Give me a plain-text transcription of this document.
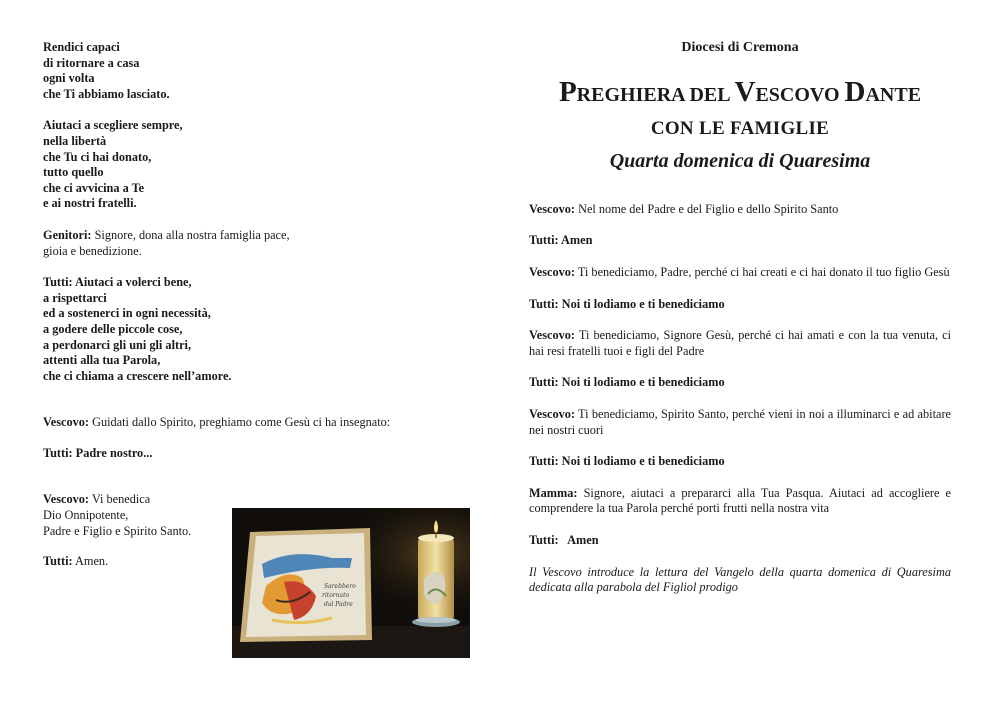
Rendici capaci
di ritornare a casa
ogni volta
che Ti abbiamo lasciato.
Aiutaci a scegliere sempre,
nella libertà
che Tu ci hai donato,
tutto quello
che ci avvicina a Te
e ai nostri fratelli.
Genitori: Signore, dona alla nostra famiglia pace,
gioia e benedizione.
Tutti: Aiutaci a volerci bene,
a rispettarci
ed a sostenerci in ogni necessità,
a godere delle piccole cose,
a perdonarci gli uni gli altri,
attenti alla tua Parola,
che ci chiama a crescere nell’amore.
Vescovo: Guidati dallo Spirito, preghiamo come Gesù ci ha insegnato:
Tutti: Padre nostro...
Vescovo: Vi benedica
Dio Onnipotente,
Padre e Figlio e Spirito Santo.
Tutti: Amen.
Sarebbero
ritornato
dal Padre
Diocesi di Cremona
PREGHIERA DEL VESCOVO DANTE
CON LE FAMIGLIE
Quarta domenica di Quaresima
Vescovo: Nel nome del Padre e del Figlio e dello Spirito Santo
Tutti: Amen
Vescovo: Ti benediciamo, Padre, perché ci hai creati e ci hai donato il tuo figlio Gesù
Tutti: Noi ti lodiamo e ti benediciamo
Vescovo: Ti benediciamo, Signore Gesù, perché ci hai amati e con la tua venuta, ci hai resi fratelli tuoi e figli del Padre
Tutti: Noi ti lodiamo e ti benediciamo
Vescovo: Ti benediciamo, Spirito Santo, perché vieni in noi a illuminarci e ad abitare nei nostri cuori
Tutti: Noi ti lodiamo e ti benediciamo
Mamma: Signore, aiutaci a prepararci alla Tua Pasqua. Aiutaci ad accogliere e comprendere la tua Parola perché porti frutti nella nostra vita
Tutti:   Amen
Il Vescovo introduce la lettura del Vangelo della quarta domenica di Quaresima dedicata alla parabola del Figliol prodigo
